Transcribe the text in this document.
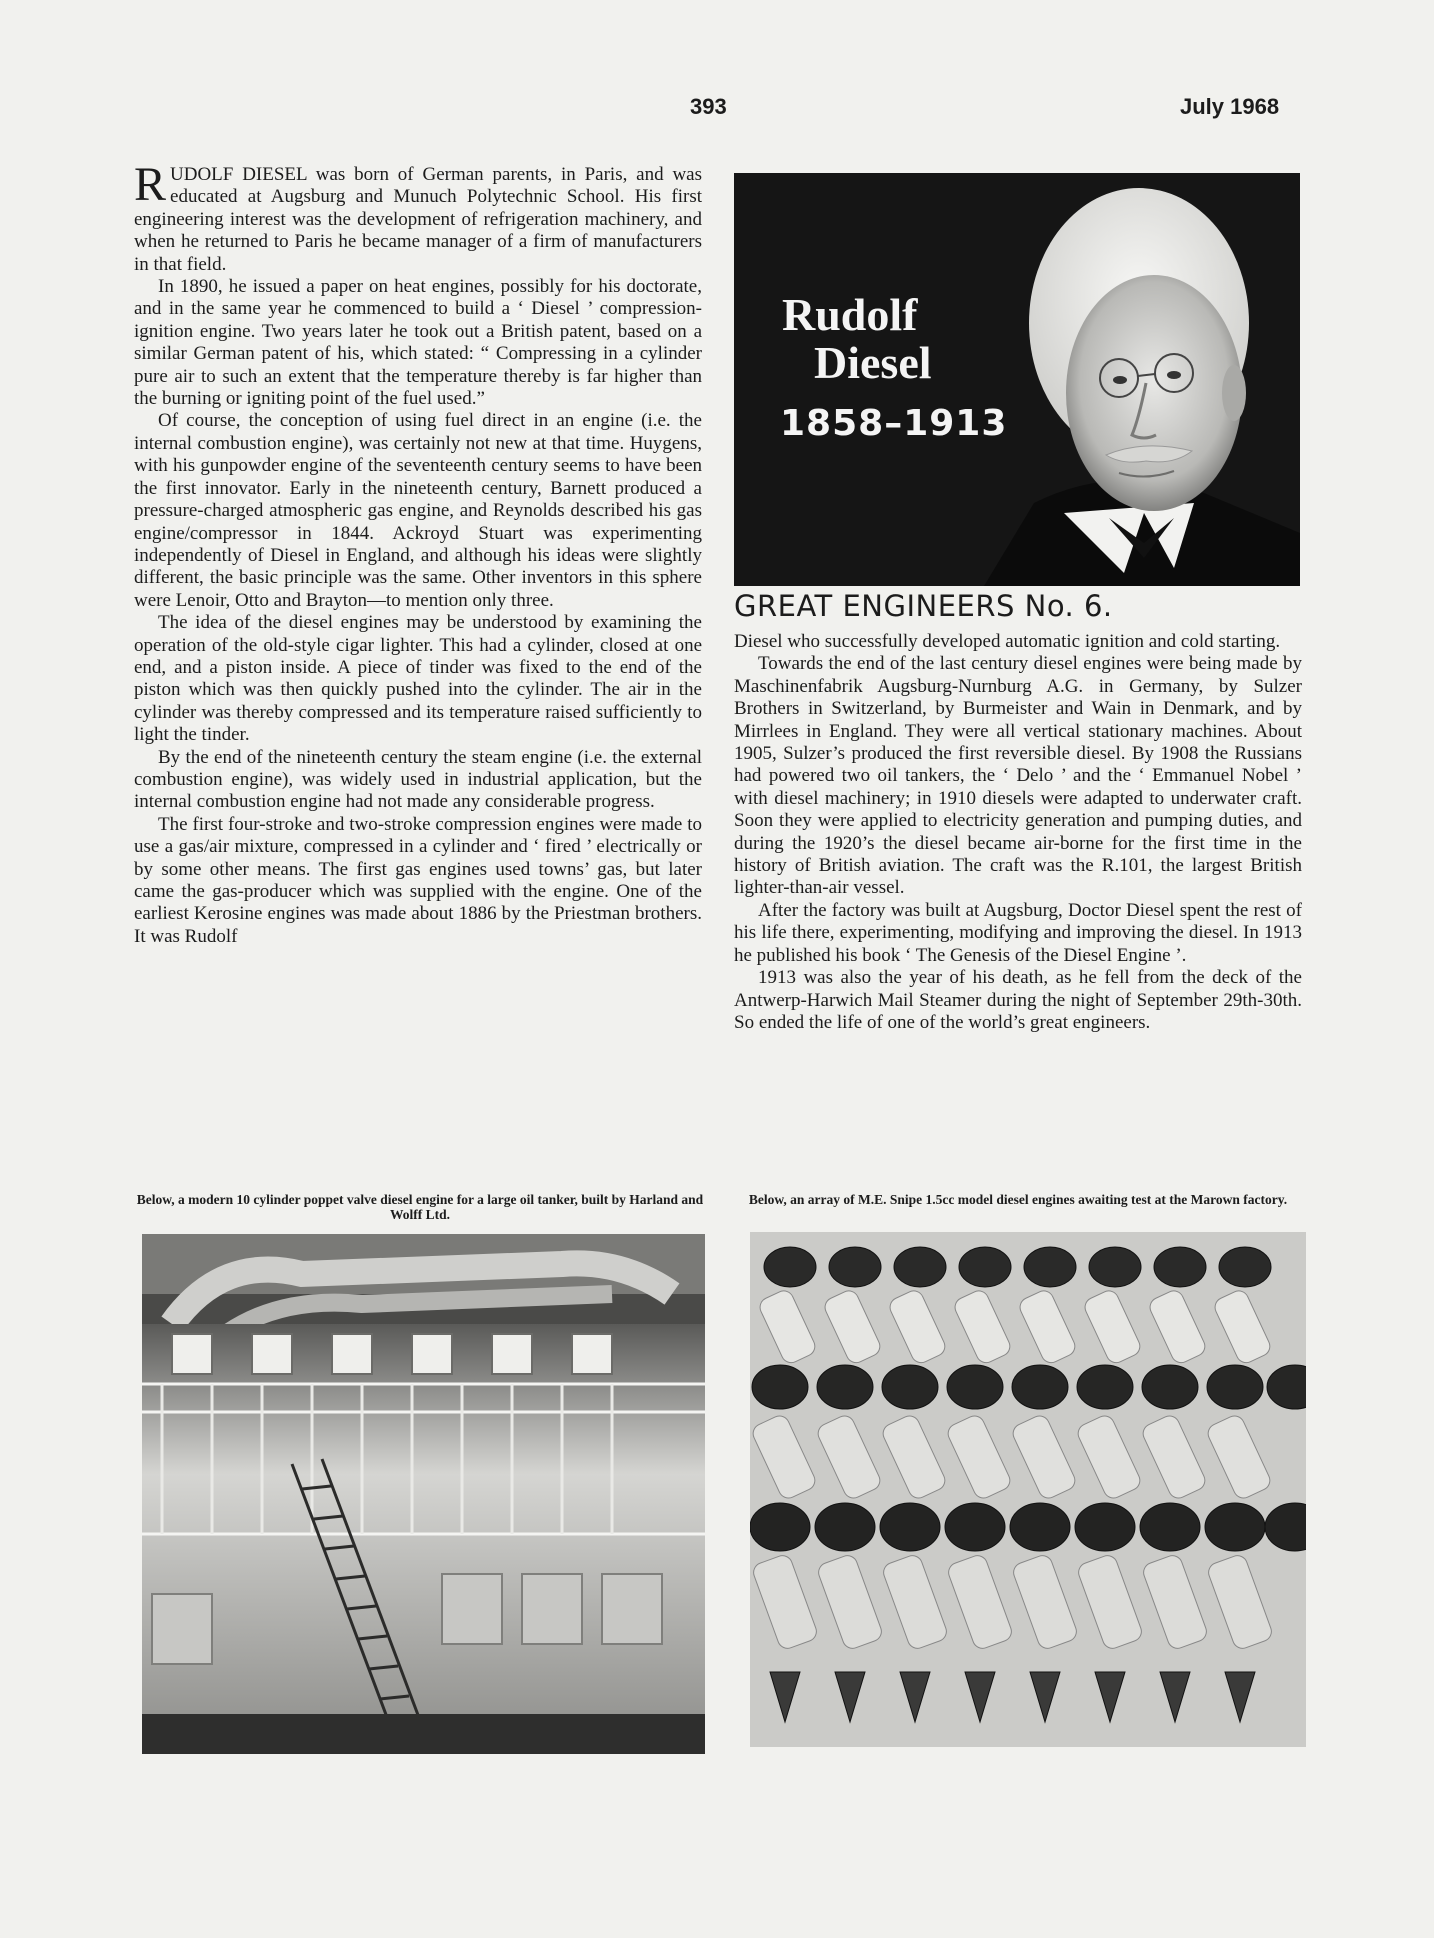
393	July 1968

RUDOLF DIESEL was born of German parents, in Paris, and was educated at Augsburg and Munuch Polytechnic School. His first engineering interest was the development of refrigeration machinery, and when he returned to Paris he became manager of a firm of manufacturers in that field.

In 1890, he issued a paper on heat engines, possibly for his doctorate, and in the same year he commenced to build a ‘ Diesel ’ compression-ignition engine. Two years later he took out a British patent, based on a similar German patent of his, which stated: “ Compressing in a cylinder pure air to such an extent that the temperature thereby is far higher than the burning or igniting point of the fuel used.”

Of course, the conception of using fuel direct in an engine (i.e. the internal combustion engine), was certainly not new at that time. Huygens, with his gunpowder engine of the seventeenth century seems to have been the first innovator. Early in the nineteenth century, Barnett produced a pressure-charged atmospheric gas engine, and Reynolds described his gas engine/compressor in 1844. Ackroyd Stuart was experimenting independently of Diesel in England, and although his ideas were slightly different, the basic principle was the same. Other inventors in this sphere were Lenoir, Otto and Brayton—to mention only three.

The idea of the diesel engines may be understood by examining the operation of the old-style cigar lighter. This had a cylinder, closed at one end, and a piston inside. A piece of tinder was fixed to the end of the piston which was then quickly pushed into the cylinder. The air in the cylinder was thereby compressed and its temperature raised sufficiently to light the tinder.

By the end of the nineteenth century the steam engine (i.e. the external combustion engine), was widely used in industrial application, but the internal combustion engine had not made any considerable progress.

The first four-stroke and two-stroke compression engines were made to use a gas/air mixture, compressed in a cylinder and ‘ fired ’ electrically or by some other means. The first gas engines used towns’ gas, but later came the gas-producer which was supplied with the engine. One of the earliest Kerosine engines was made about 1886 by the Priestman brothers. It was Rudolf

Rudolf
Diesel
1858–1913
GREAT ENGINEERS No. 6.

Diesel who successfully developed automatic ignition and cold starting.

Towards the end of the last century diesel engines were being made by Maschinenfabrik Augsburg-Nurnburg A.G. in Germany, by Sulzer Brothers in Switzerland, by Burmeister and Wain in Denmark, and by Mirrlees in England. They were all vertical stationary machines. About 1905, Sulzer’s produced the first reversible diesel. By 1908 the Russians had powered two oil tankers, the ‘ Delo ’ and the ‘ Emmanuel Nobel ’ with diesel machinery; in 1910 diesels were adapted to underwater craft. Soon they were applied to electricity generation and pumping duties, and during the 1920’s the diesel became air-borne for the first time in the history of British aviation. The craft was the R.101, the largest British lighter-than-air vessel.

After the factory was built at Augsburg, Doctor Diesel spent the rest of his life there, experimenting, modifying and improving the diesel. In 1913 he published his book ‘ The Genesis of the Diesel Engine ’.

1913 was also the year of his death, as he fell from the deck of the Antwerp-Harwich Mail Steamer during the night of September 29th-30th. So ended the life of one of the world’s great engineers.

Below, a modern 10 cylinder poppet valve diesel engine for a large oil tanker, built by Harland and Wolff Ltd.
Below, an array of M.E. Snipe 1.5cc model diesel engines awaiting test at the Marown factory.
